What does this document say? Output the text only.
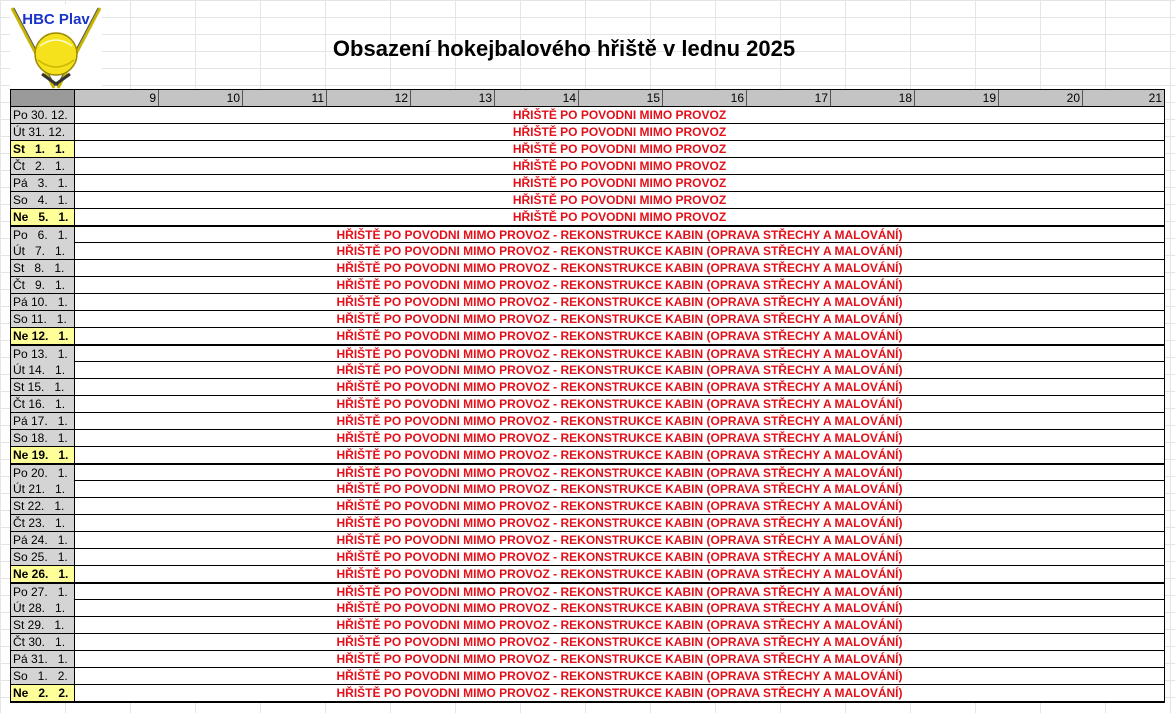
HBC Plav
Obsazení hokejbalového hřiště v lednu 2025
9	10	11	12	13	14	15	16	17	18	19	20	21
Po 30. 12.	HŘIŠTĚ PO POVODNI MIMO PROVOZ
Út 31. 12.	HŘIŠTĚ PO POVODNI MIMO PROVOZ
St   1.   1.	HŘIŠTĚ PO POVODNI MIMO PROVOZ
Čt   2.   1.	HŘIŠTĚ PO POVODNI MIMO PROVOZ
Pá   3.   1.	HŘIŠTĚ PO POVODNI MIMO PROVOZ
So   4.   1.	HŘIŠTĚ PO POVODNI MIMO PROVOZ
Ne   5.   1.	HŘIŠTĚ PO POVODNI MIMO PROVOZ
Po   6.   1.	HŘIŠTĚ PO POVODNI MIMO PROVOZ - REKONSTRUKCE KABIN (OPRAVA STŘECHY A MALOVÁNÍ)
Út   7.   1.	HŘIŠTĚ PO POVODNI MIMO PROVOZ - REKONSTRUKCE KABIN (OPRAVA STŘECHY A MALOVÁNÍ)
St   8.   1.	HŘIŠTĚ PO POVODNI MIMO PROVOZ - REKONSTRUKCE KABIN (OPRAVA STŘECHY A MALOVÁNÍ)
Čt   9.   1.	HŘIŠTĚ PO POVODNI MIMO PROVOZ - REKONSTRUKCE KABIN (OPRAVA STŘECHY A MALOVÁNÍ)
Pá 10.   1.	HŘIŠTĚ PO POVODNI MIMO PROVOZ - REKONSTRUKCE KABIN (OPRAVA STŘECHY A MALOVÁNÍ)
So 11.   1.	HŘIŠTĚ PO POVODNI MIMO PROVOZ - REKONSTRUKCE KABIN (OPRAVA STŘECHY A MALOVÁNÍ)
Ne 12.   1.	HŘIŠTĚ PO POVODNI MIMO PROVOZ - REKONSTRUKCE KABIN (OPRAVA STŘECHY A MALOVÁNÍ)
Po 13.   1.	HŘIŠTĚ PO POVODNI MIMO PROVOZ - REKONSTRUKCE KABIN (OPRAVA STŘECHY A MALOVÁNÍ)
Út 14.   1.	HŘIŠTĚ PO POVODNI MIMO PROVOZ - REKONSTRUKCE KABIN (OPRAVA STŘECHY A MALOVÁNÍ)
St 15.   1.	HŘIŠTĚ PO POVODNI MIMO PROVOZ - REKONSTRUKCE KABIN (OPRAVA STŘECHY A MALOVÁNÍ)
Čt 16.   1.	HŘIŠTĚ PO POVODNI MIMO PROVOZ - REKONSTRUKCE KABIN (OPRAVA STŘECHY A MALOVÁNÍ)
Pá 17.   1.	HŘIŠTĚ PO POVODNI MIMO PROVOZ - REKONSTRUKCE KABIN (OPRAVA STŘECHY A MALOVÁNÍ)
So 18.   1.	HŘIŠTĚ PO POVODNI MIMO PROVOZ - REKONSTRUKCE KABIN (OPRAVA STŘECHY A MALOVÁNÍ)
Ne 19.   1.	HŘIŠTĚ PO POVODNI MIMO PROVOZ - REKONSTRUKCE KABIN (OPRAVA STŘECHY A MALOVÁNÍ)
Po 20.   1.	HŘIŠTĚ PO POVODNI MIMO PROVOZ - REKONSTRUKCE KABIN (OPRAVA STŘECHY A MALOVÁNÍ)
Út 21.   1.	HŘIŠTĚ PO POVODNI MIMO PROVOZ - REKONSTRUKCE KABIN (OPRAVA STŘECHY A MALOVÁNÍ)
St 22.   1.	HŘIŠTĚ PO POVODNI MIMO PROVOZ - REKONSTRUKCE KABIN (OPRAVA STŘECHY A MALOVÁNÍ)
Čt 23.   1.	HŘIŠTĚ PO POVODNI MIMO PROVOZ - REKONSTRUKCE KABIN (OPRAVA STŘECHY A MALOVÁNÍ)
Pá 24.   1.	HŘIŠTĚ PO POVODNI MIMO PROVOZ - REKONSTRUKCE KABIN (OPRAVA STŘECHY A MALOVÁNÍ)
So 25.   1.	HŘIŠTĚ PO POVODNI MIMO PROVOZ - REKONSTRUKCE KABIN (OPRAVA STŘECHY A MALOVÁNÍ)
Ne 26.   1.	HŘIŠTĚ PO POVODNI MIMO PROVOZ - REKONSTRUKCE KABIN (OPRAVA STŘECHY A MALOVÁNÍ)
Po 27.   1.	HŘIŠTĚ PO POVODNI MIMO PROVOZ - REKONSTRUKCE KABIN (OPRAVA STŘECHY A MALOVÁNÍ)
Út 28.   1.	HŘIŠTĚ PO POVODNI MIMO PROVOZ - REKONSTRUKCE KABIN (OPRAVA STŘECHY A MALOVÁNÍ)
St 29.   1.	HŘIŠTĚ PO POVODNI MIMO PROVOZ - REKONSTRUKCE KABIN (OPRAVA STŘECHY A MALOVÁNÍ)
Čt 30.   1.	HŘIŠTĚ PO POVODNI MIMO PROVOZ - REKONSTRUKCE KABIN (OPRAVA STŘECHY A MALOVÁNÍ)
Pá 31.   1.	HŘIŠTĚ PO POVODNI MIMO PROVOZ - REKONSTRUKCE KABIN (OPRAVA STŘECHY A MALOVÁNÍ)
So   1.   2.	HŘIŠTĚ PO POVODNI MIMO PROVOZ - REKONSTRUKCE KABIN (OPRAVA STŘECHY A MALOVÁNÍ)
Ne   2.   2.	HŘIŠTĚ PO POVODNI MIMO PROVOZ - REKONSTRUKCE KABIN (OPRAVA STŘECHY A MALOVÁNÍ)
